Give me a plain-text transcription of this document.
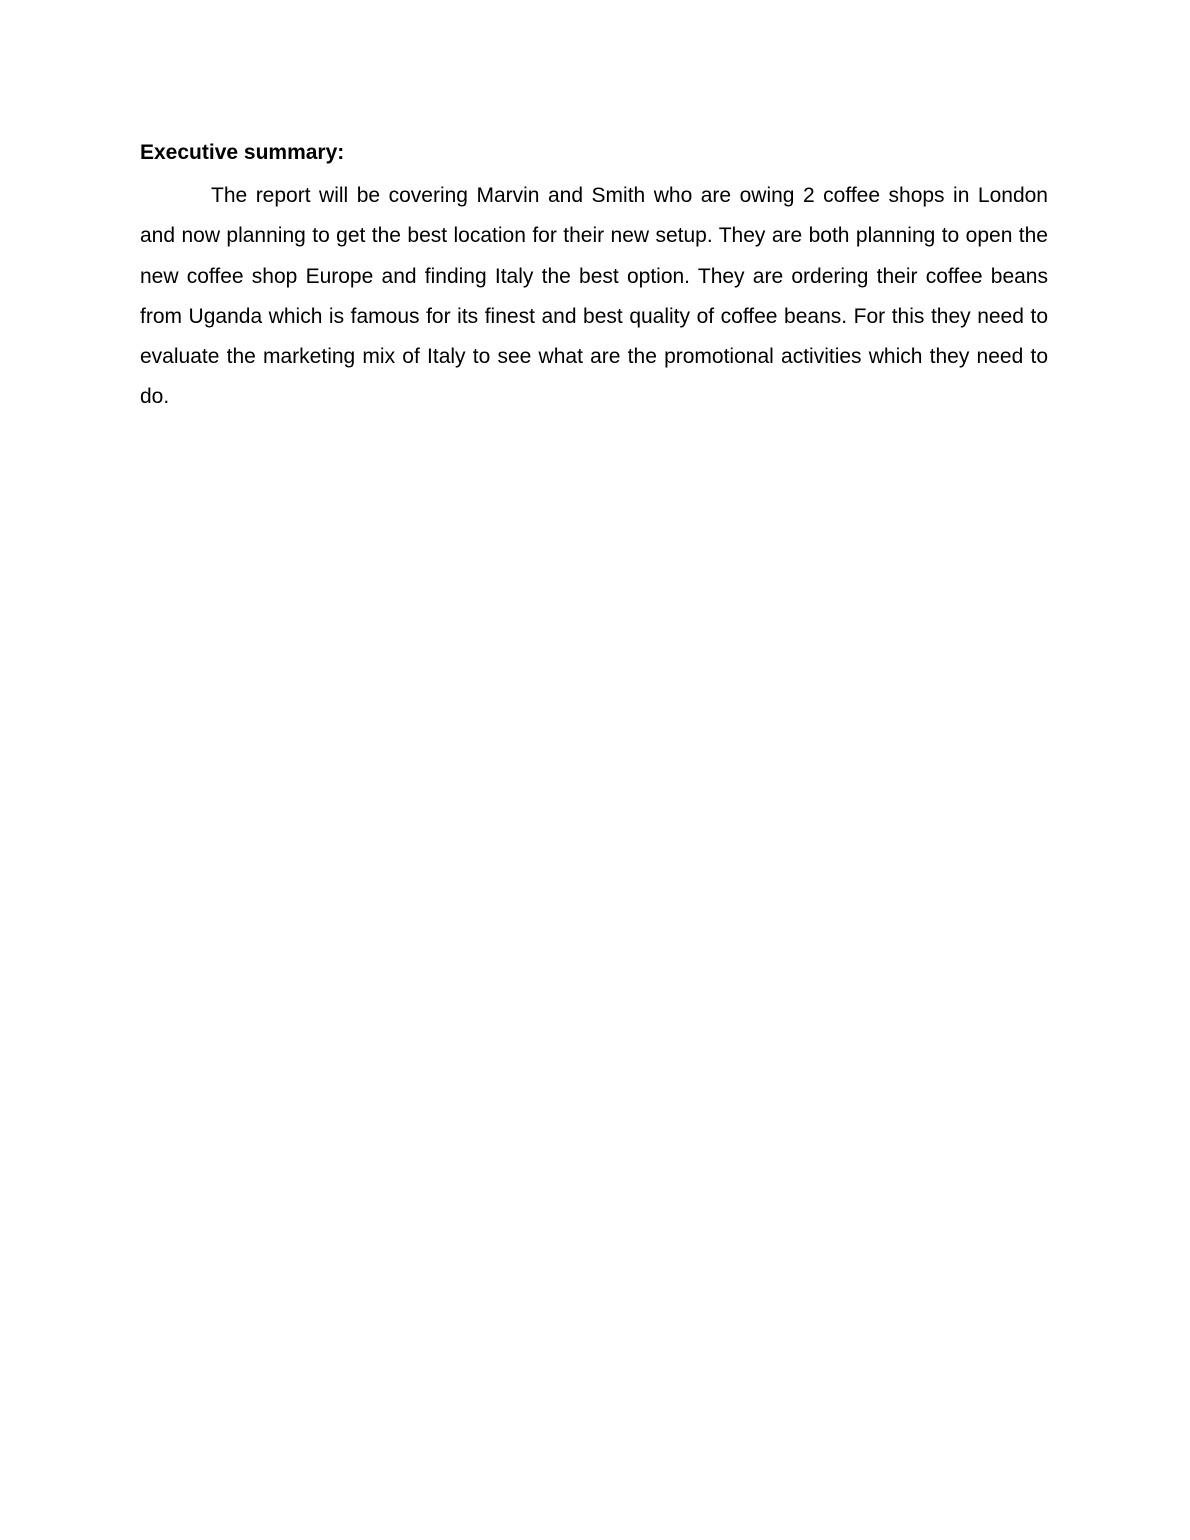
Executive summary:

The report will be covering Marvin and Smith who are owing 2 coffee shops in London and now planning to get the best location for their new setup. They are both planning to open the new coffee shop Europe and finding Italy the best option. They are ordering their coffee beans from Uganda which is famous for its finest and best quality of coffee beans. For this they need to evaluate the marketing mix of Italy to see what are the promotional activities which they need to do.
